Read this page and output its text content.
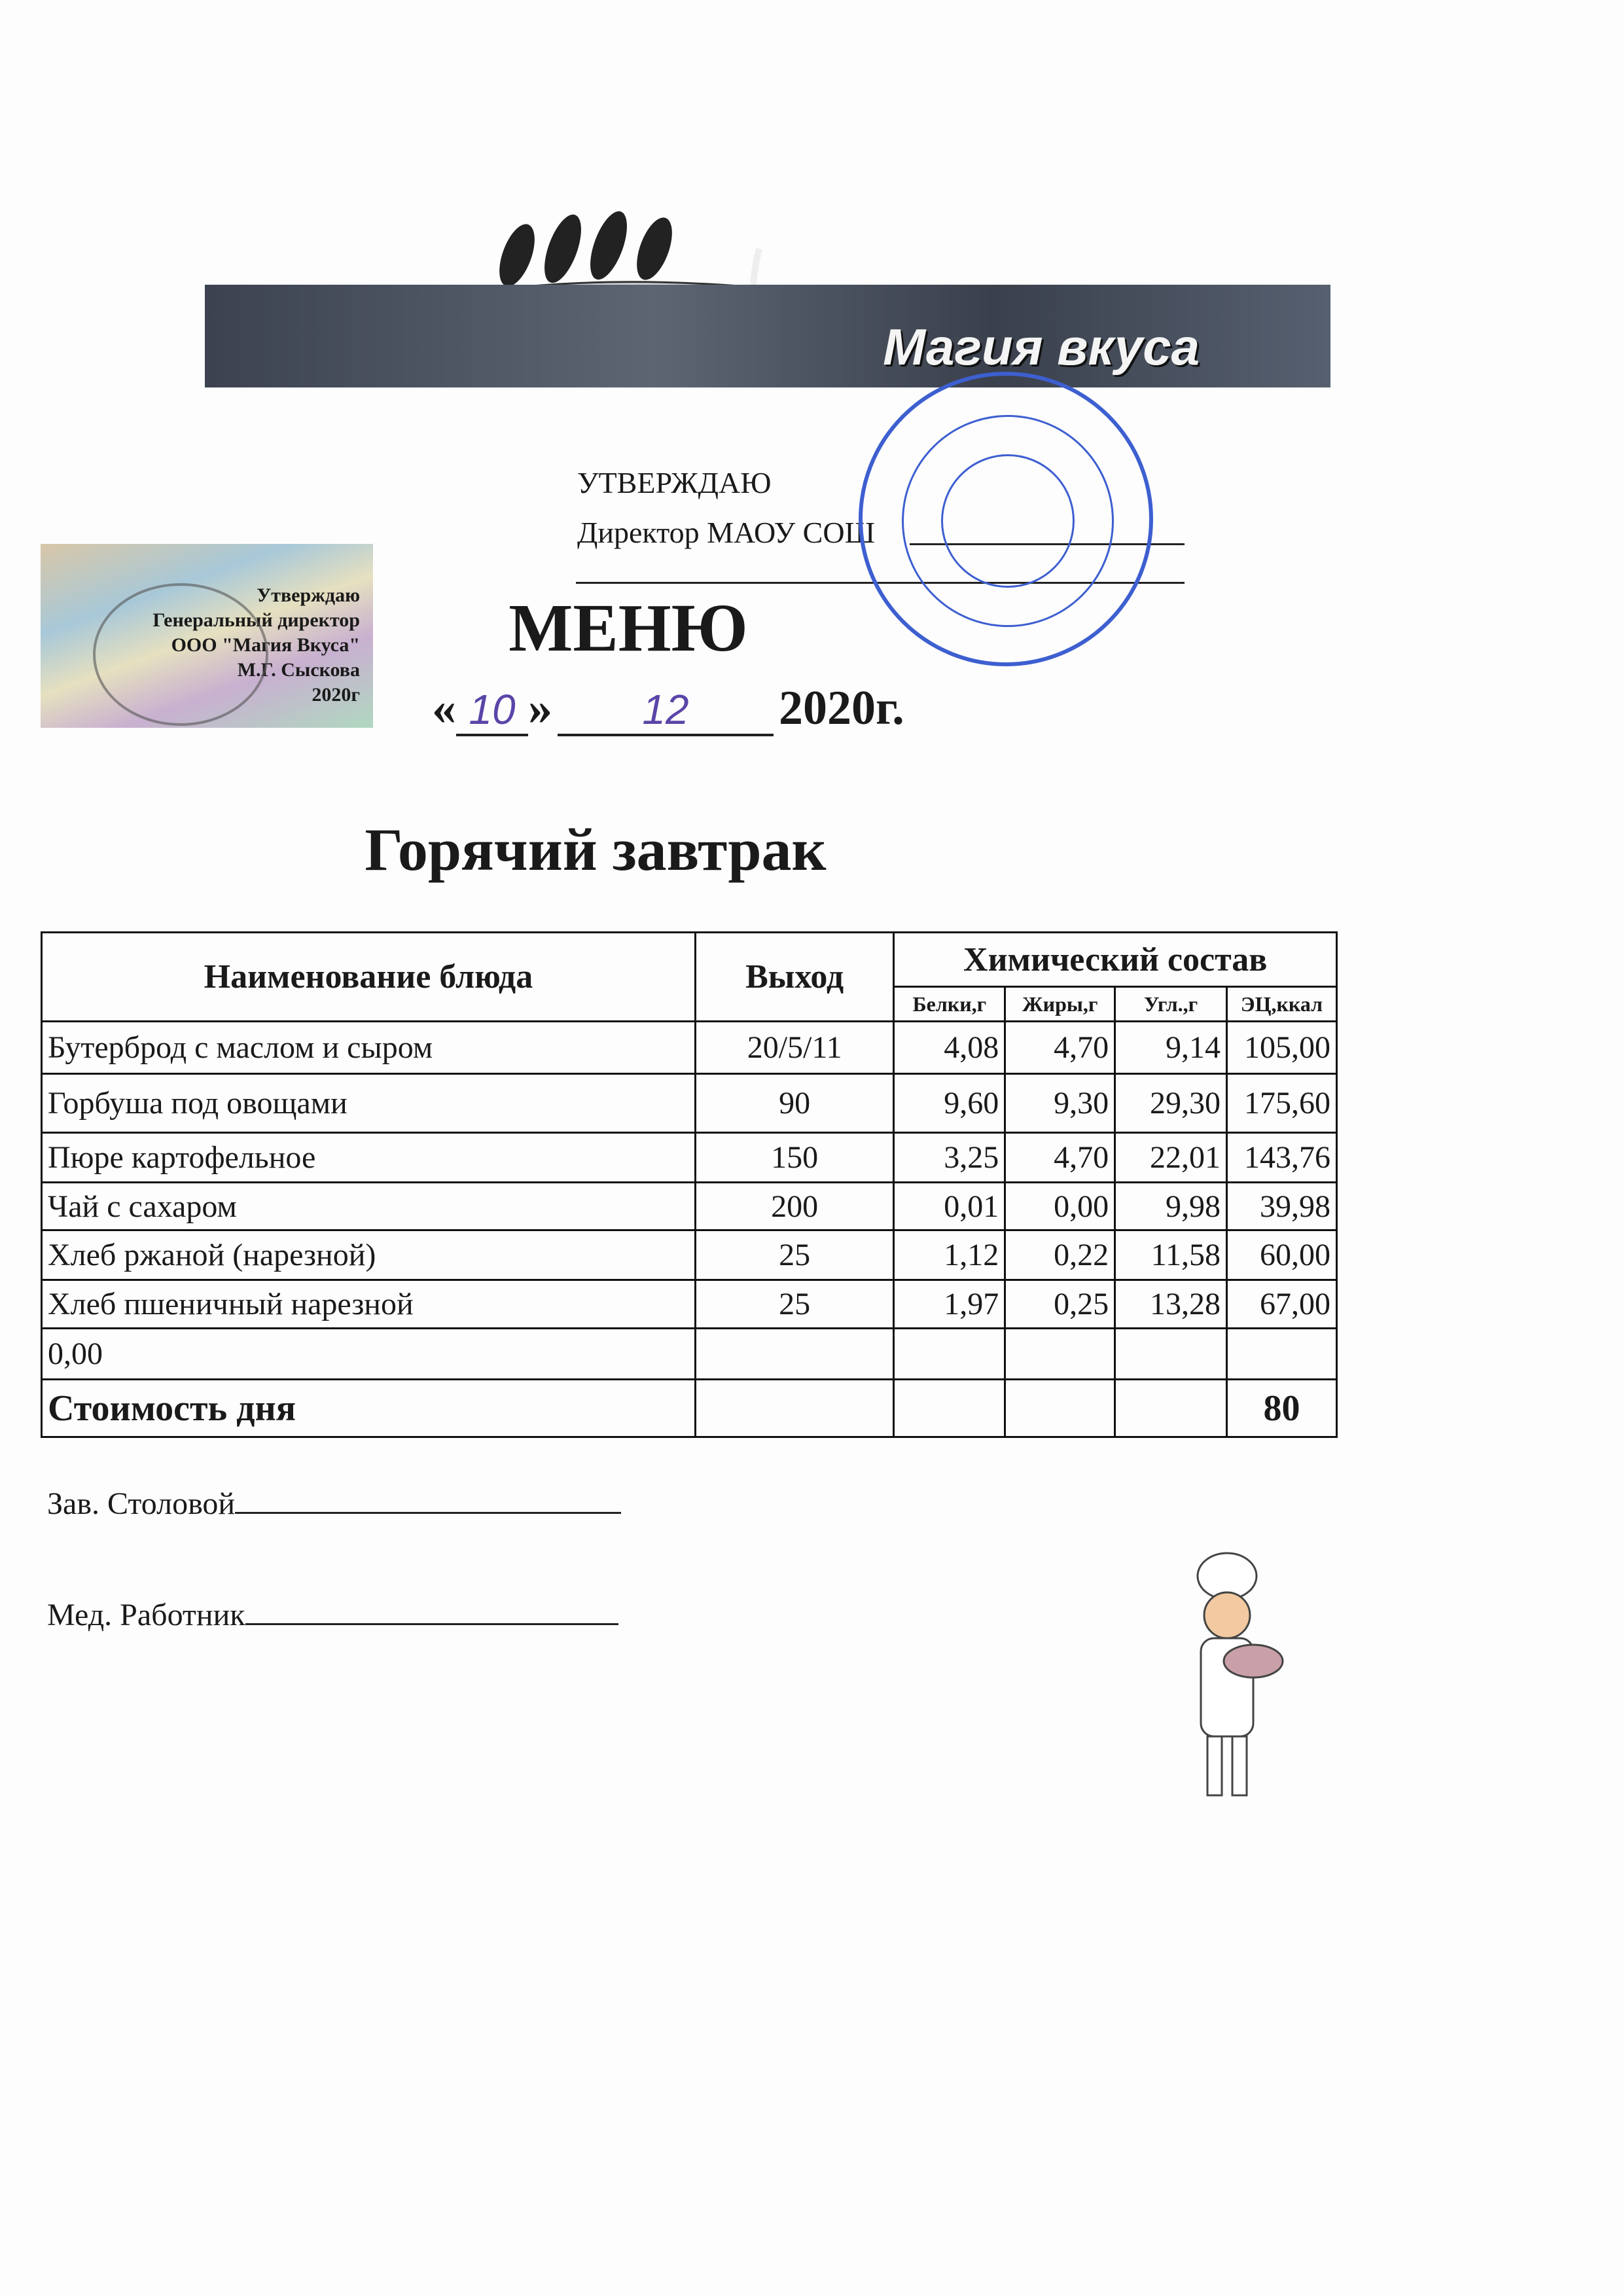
Магия вкуса
УТВЕРЖДАЮ
Директор МАОУ СОШ
Утверждаю
Генеральный директор
ООО "Магия Вкуса"
М.Г. Сыскова
2020г
МЕНЮ
« 10 » 12 2020г.
Горячий завтрак
Наименование блюда	Выход	Химический состав			
		Белки,г	Жиры,г	Угл.,г	ЭЦ,ккал
Бутерброд с маслом и сыром	20/5/11	4,08	4,70	9,14	105,00
Горбуша под овощами	90	9,60	9,30	29,30	175,60
Пюре картофельное	150	3,25	4,70	22,01	143,76
Чай с сахаром	200	0,01	0,00	9,98	39,98
Хлеб ржаной (нарезной)	25	1,12	0,22	11,58	60,00
Хлеб пшеничный нарезной	25	1,97	0,25	13,28	67,00
0,00					
Стоимость дня					80
Зав. Столовой
Мед. Работник
